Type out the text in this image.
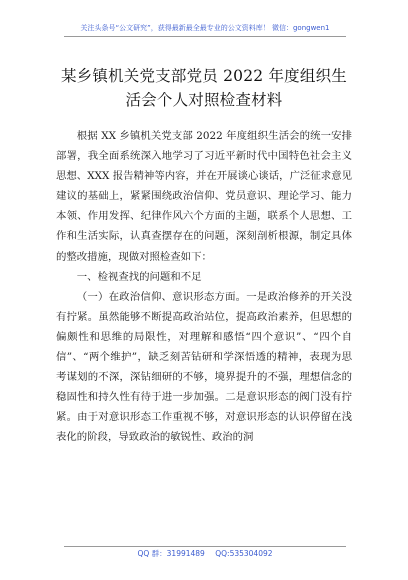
关注头条号“公文研究”，获得最新最全最专业的公文资料库！ 微信：gongwen1
某乡镇机关党支部党员 2022 年度组织生
活会个人对照检查材料

根据 XX 乡镇机关党支部 2022 年度组织生活会的统一安排部署，我全面系统深入地学习了习近平新时代中国特色社会主义思想、XXX 报告精神等内容，并在开展谈心谈话，广泛征求意见建议的基础上，紧紧围绕政治信仰、党员意识、理论学习、能力本领、作用发挥、纪律作风六个方面的主题，联系个人思想、工作和生活实际，认真查摆存在的问题，深刻剖析根源，制定具体的整改措施，现做对照检查如下：

一、检视查找的问题和不足

（一）在政治信仰、意识形态方面。一是政治修养的开关没有拧紧。虽然能够不断提高政治站位，提高政治素养，但思想的偏颇性和思维的局限性，对理解和感悟“四个意识”、“四个自信”、“两个维护”，缺乏刻苦钻研和学深悟透的精神，表现为思考谋划的不深，深钻细研的不够，境界提升的不强，理想信念的稳固性和持久性有待于进一步加强。二是意识形态的阀门没有拧紧。由于对意识形态工作重视不够，对意识形态的认识停留在浅表化的阶段，导致政治的敏锐性、政治的洞

QQ 群：31991489 QQ:535304092
